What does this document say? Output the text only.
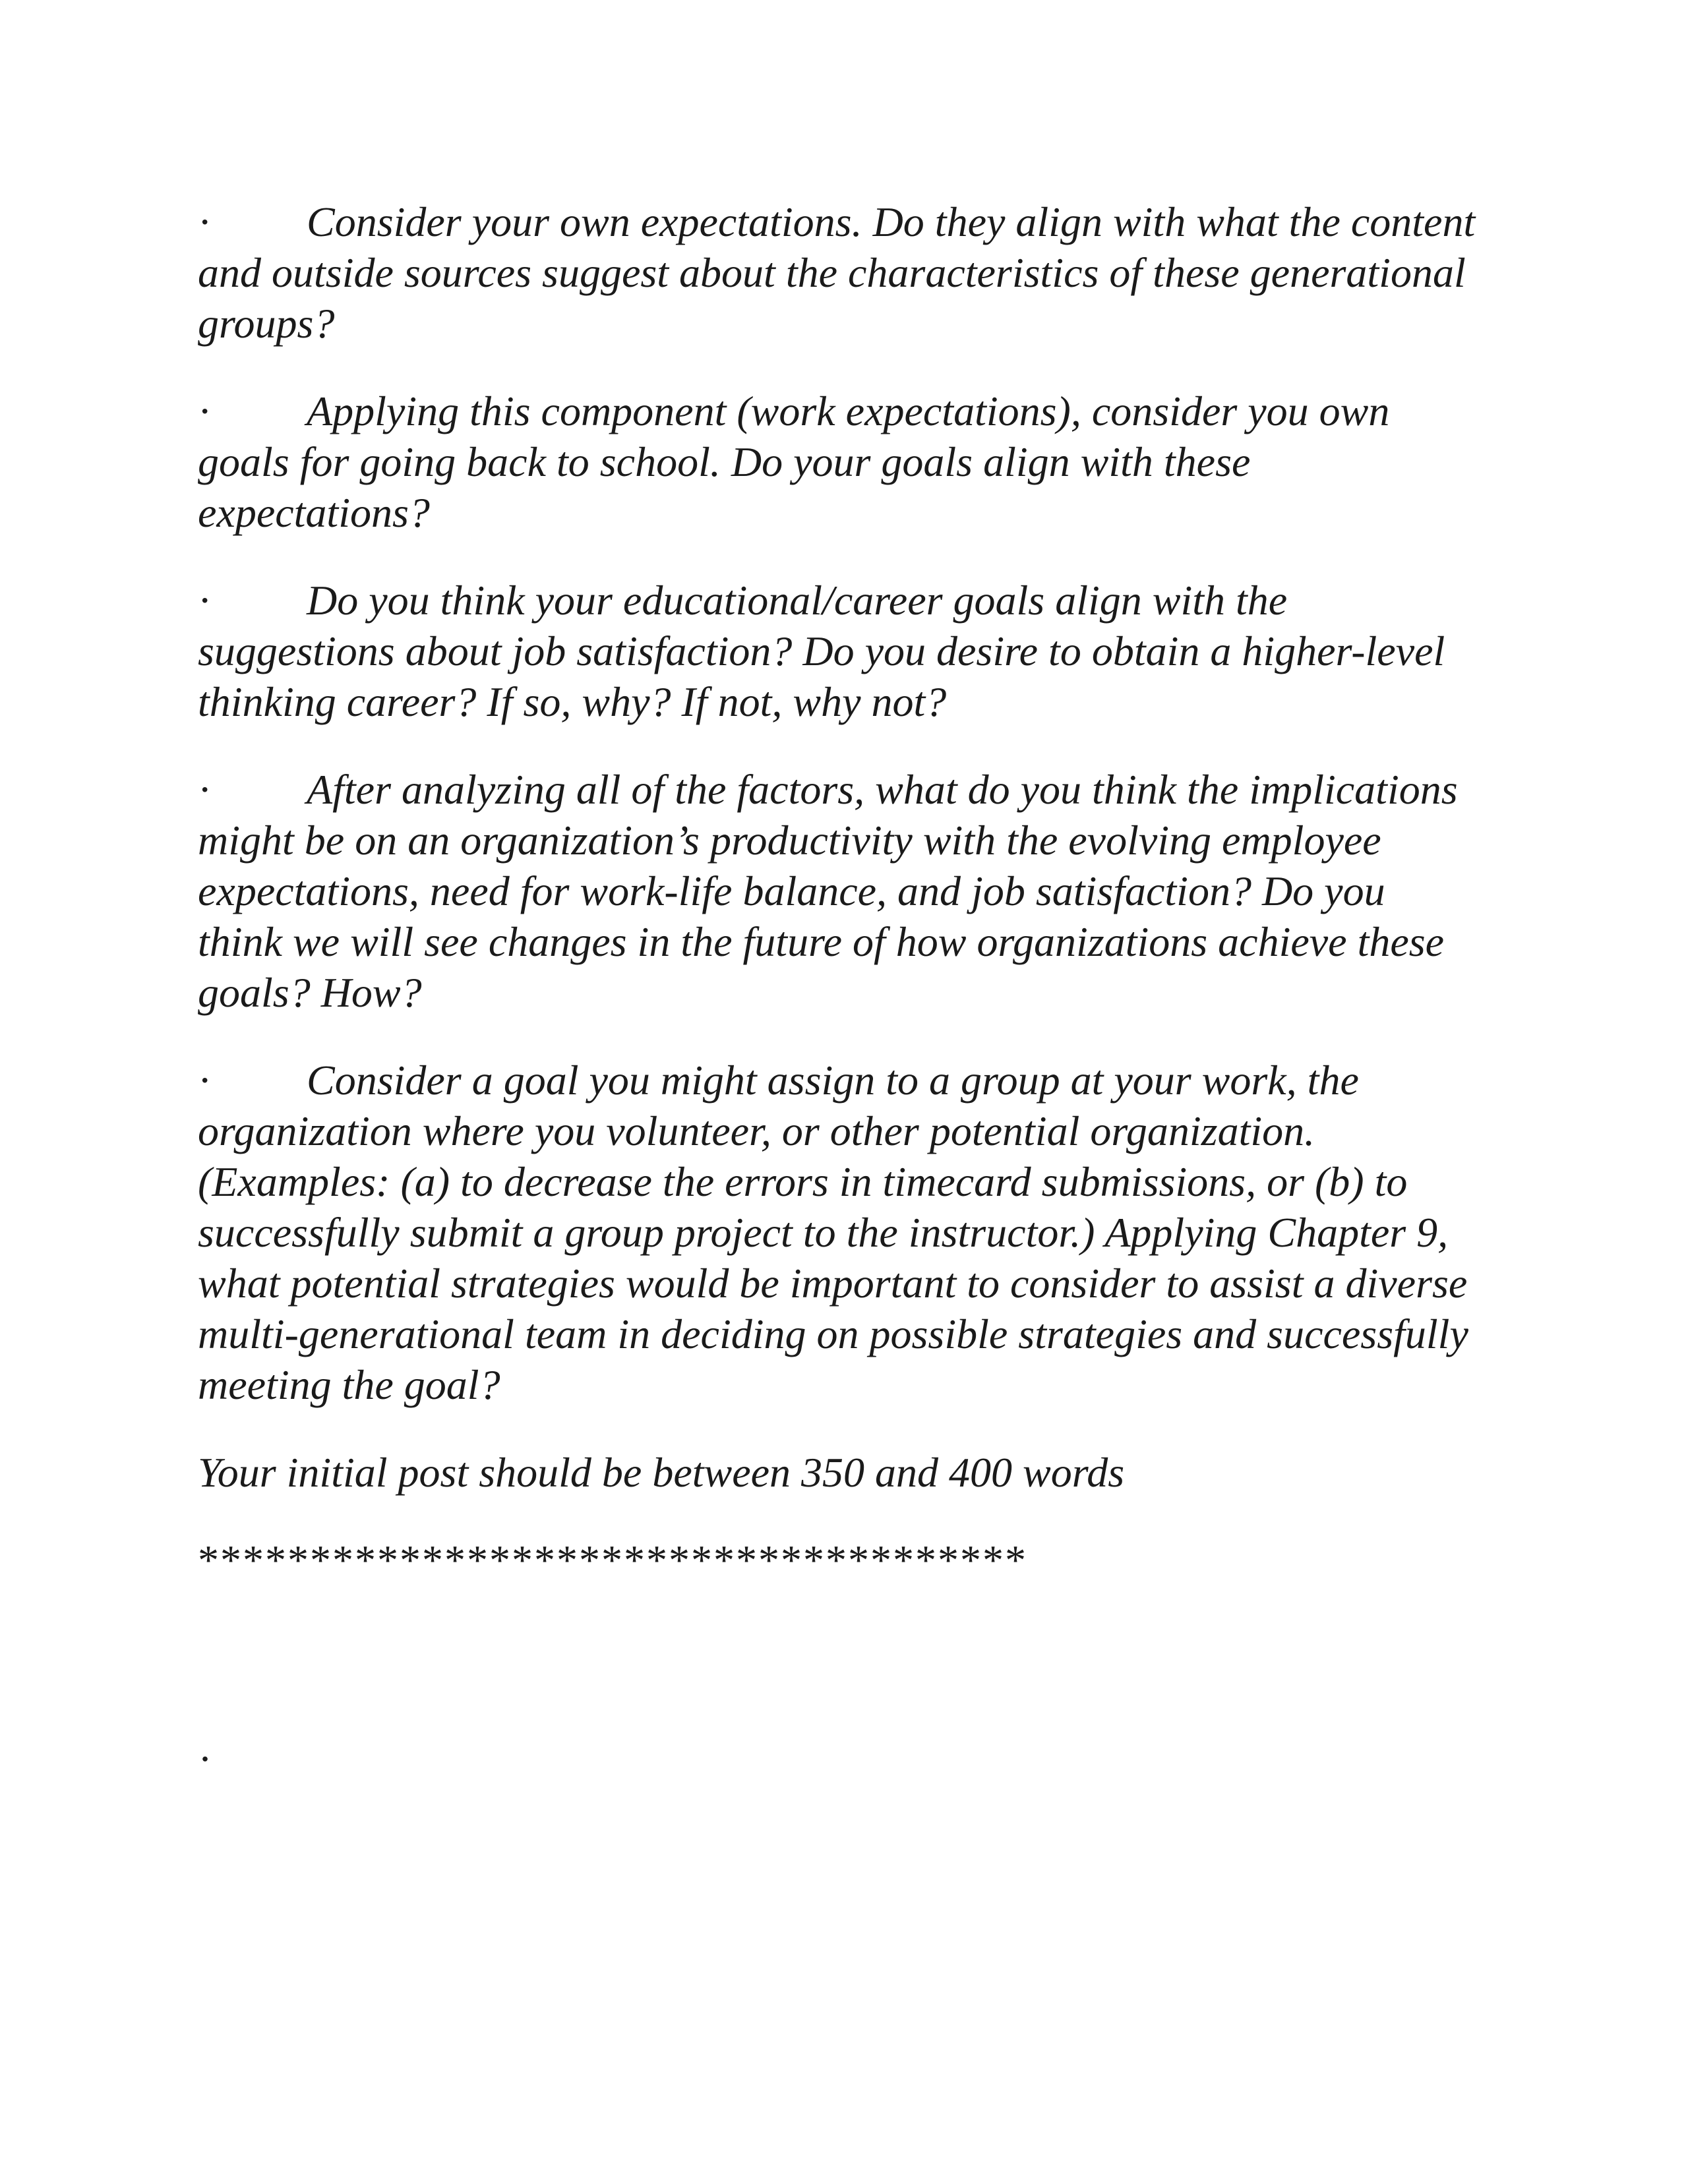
· Consider your own expectations. Do they align with what the content and outside sources suggest about the characteristics of these generational groups?

· Applying this component (work expectations), consider you own goals for going back to school. Do your goals align with these expectations?

· Do you think your educational/career goals align with the suggestions about job satisfaction? Do you desire to obtain a higher-level thinking career? If so, why? If not, why not?

· After analyzing all of the factors, what do you think the implications might be on an organization’s productivity with the evolving employee expectations, need for work-life balance, and job satisfaction? Do you think we will see changes in the future of how organizations achieve these goals? How?

· Consider a goal you might assign to a group at your work, the organization where you volunteer, or other potential organization. (Examples: (a) to decrease the errors in timecard submissions, or (b) to successfully submit a group project to the instructor.) Applying Chapter 9, what potential strategies would be important to consider to assist a diverse multi-generational team in deciding on possible strategies and successfully meeting the goal?

Your initial post should be between 350 and 400 words

*************************************

.
